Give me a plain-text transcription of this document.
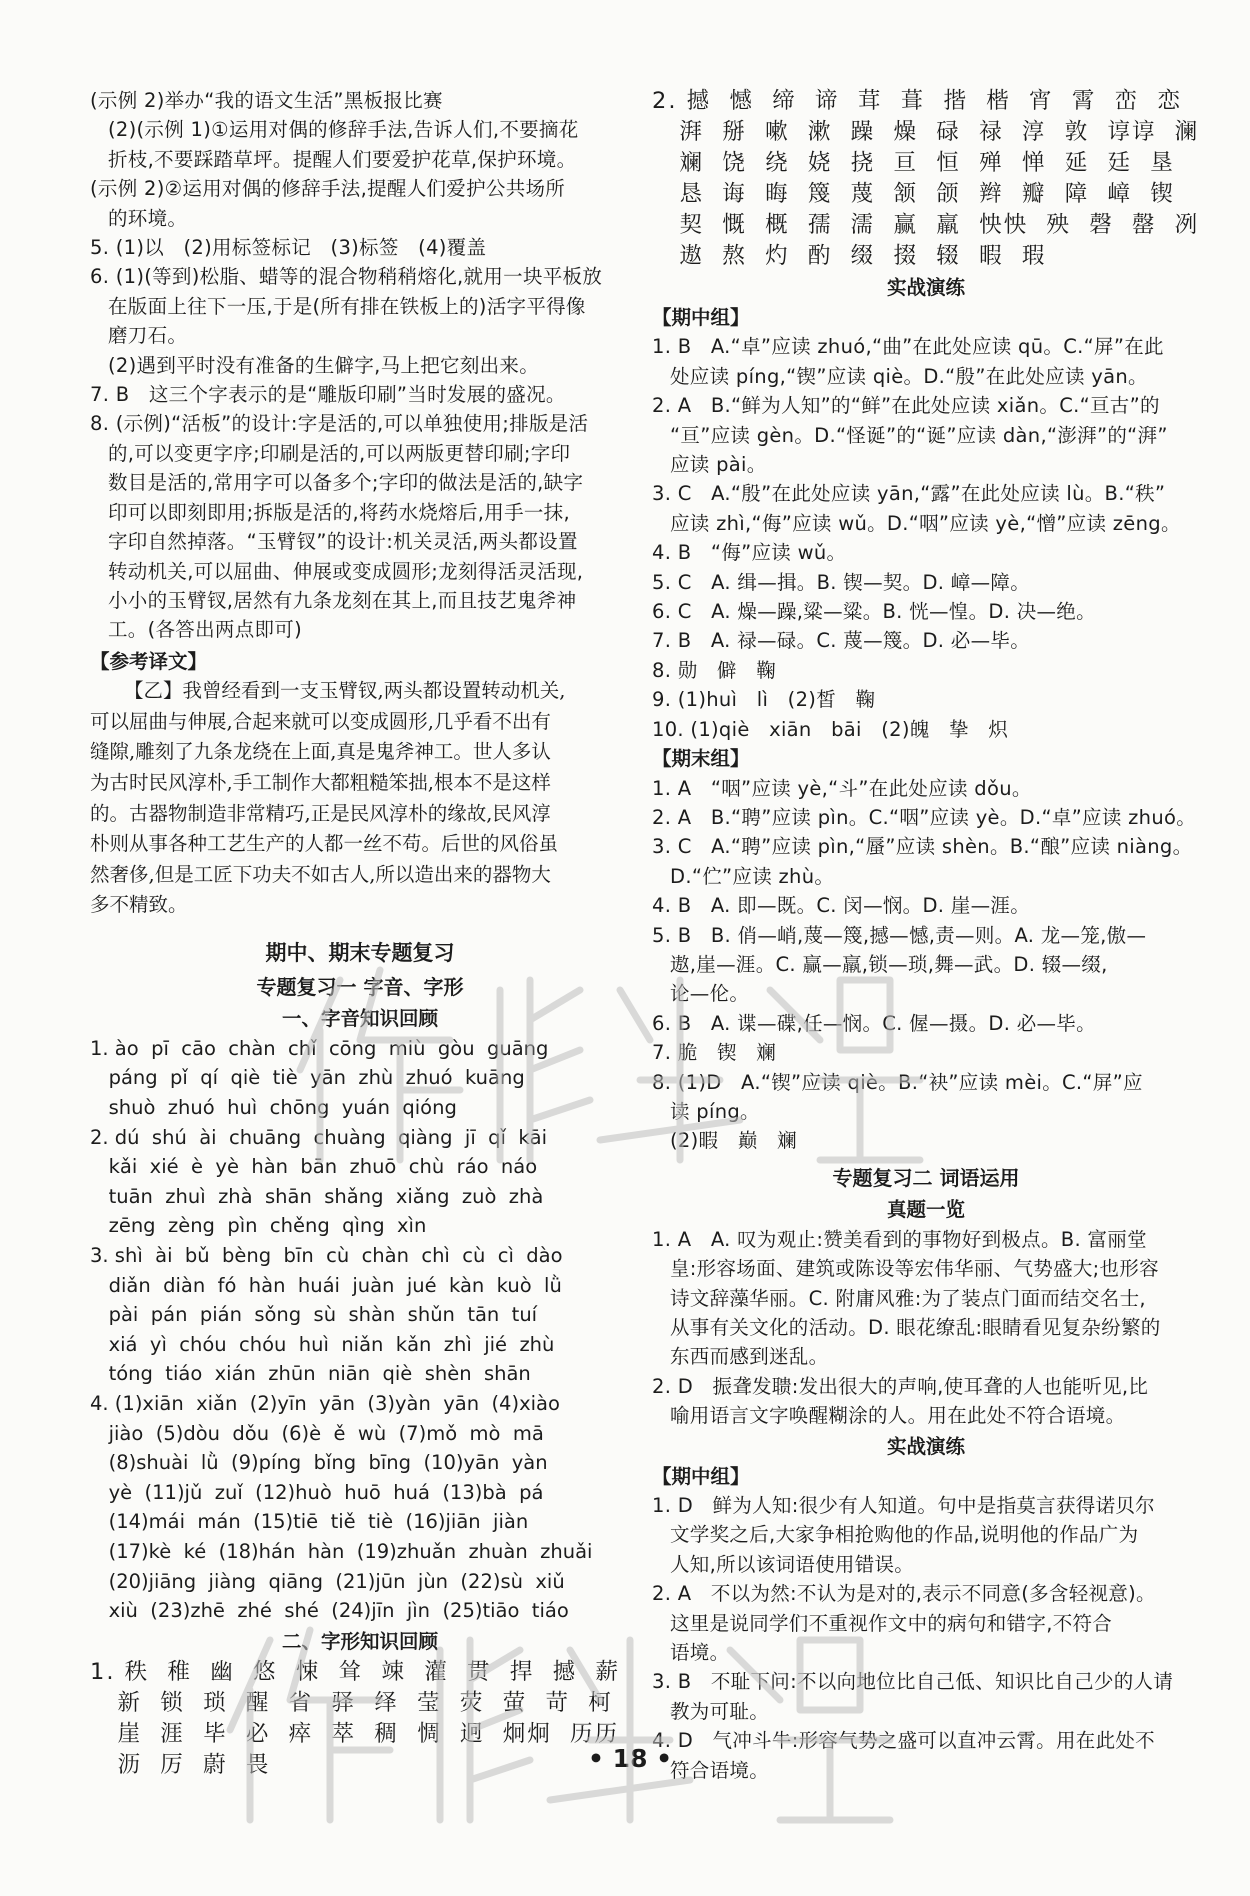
(示例 2)举办“我的语文生活”黑板报比赛
(2)(示例 1)①运用对偶的修辞手法,告诉人们,不要摘花
折枝,不要踩踏草坪。提醒人们要爱护花草,保护环境。
(示例 2)②运用对偶的修辞手法,提醒人们爱护公共场所
的环境。
5. (1)以   (2)用标签标记   (3)标签   (4)覆盖
6. (1)(等到)松脂、蜡等的混合物稍稍熔化,就用一块平板放
在版面上往下一压,于是(所有排在铁板上的)活字平得像
磨刀石。
(2)遇到平时没有准备的生僻字,马上把它刻出来。
7. B   这三个字表示的是“雕版印刷”当时发展的盛况。
8. (示例)“活板”的设计:字是活的,可以单独使用;排版是活
的,可以变更字序;印刷是活的,可以两版更替印刷;字印
数目是活的,常用字可以备多个;字印的做法是活的,缺字
印可以即刻即用;拆版是活的,将药水烧熔后,用手一抹,
字印自然掉落。“玉臂钗”的设计:机关灵活,两头都设置
转动机关,可以屈曲、伸展或变成圆形;龙刻得活灵活现,
小小的玉臂钗,居然有九条龙刻在其上,而且技艺鬼斧神
工。(各答出两点即可)
【参考译文】
【乙】我曾经看到一支玉臂钗,两头都设置转动机关,
可以屈曲与伸展,合起来就可以变成圆形,几乎看不出有
缝隙,雕刻了九条龙绕在上面,真是鬼斧神工。世人多认
为古时民风淳朴,手工制作大都粗糙笨拙,根本不是这样
的。古器物制造非常精巧,正是民风淳朴的缘故,民风淳
朴则从事各种工艺生产的人都一丝不苟。后世的风俗虽
然奢侈,但是工匠下功夫不如古人,所以造出来的器物大
多不精致。
期中、期末专题复习
专题复习一 字音、字形
一、字音知识回顾
1. ào  pī  cāo  chàn  chǐ  cōng  miù  gòu  guāng
páng  pǐ  qí  qiè  tiè  yān  zhù  zhuó  kuāng
shuò  zhuó  huì  chōng  yuán  qióng
2. dú  shú  ài  chuāng  chuàng  qiàng  jī  qǐ  kāi
kǎi  xié  è  yè  hàn  bān  zhuō  chù  ráo  náo
tuān  zhuì  zhà  shān  shǎng  xiǎng  zuò  zhà
zēng  zèng  pìn  chěng  qìng  xìn
3. shì  ài  bǔ  bèng  bīn  cù  chàn  chì  cù  cì  dào
diǎn  diàn  fó  hàn  huái  juàn  jué  kàn  kuò  lǜ
pài  pán  pián  sǒng  sù  shàn  shǔn  tān  tuí
xiá  yì  chóu  chóu  huì  niǎn  kǎn  zhì  jié  zhù
tóng  tiáo  xián  zhūn  niān  qiè  shèn  shān
4. (1)xiān  xiǎn  (2)yīn  yān  (3)yàn  yān  (4)xiào
jiào  (5)dòu  dǒu  (6)è  ě  wù  (7)mǒ  mò  mā
(8)shuài  lǜ  (9)píng  bǐng  bīng  (10)yān  yàn
yè  (11)jǔ  zuǐ  (12)huò  huō  huá  (13)bà  pá
(14)mái  mán  (15)tiē  tiě  tiè  (16)jiān  jiàn
(17)kè  ké  (18)hán  hàn  (19)zhuǎn  zhuàn  zhuǎi
(20)jiāng  jiàng  qiāng  (21)jūn  jùn  (22)sù  xiǔ
xiù  (23)zhē  zhé  shé  (24)jīn  jìn  (25)tiāo  tiáo
二、字形知识回顾
1. 秩  稚  幽  悠  悚  耸  竦  灌  贯  捍  撼  薪
新  锁  琐  醒  省  驿  绎  莹  荧  萤  苛  柯
崖  涯  毕  必  瘁  萃  稠  惆  迥  炯炯  历历
沥  厉  蔚  畏
2. 撼  憾  缔  谛  茸  葺  揩  楷  宵  霄  峦  恋
湃  掰  嗽  漱  躁  燥  碌  禄  淳  敦  谆谆  澜
斓  饶  绕  娆  挠  亘  恒  殚  惮  延  廷  垦
恳  诲  晦  篾  蔑  颔  颌  辫  瓣  障  嶂  锲
契  慨  概  孺  濡  赢  羸  怏怏  殃  磬  罄  冽
遨  熬  灼  酌  缀  掇  辍  暇  瑕
实战演练
【期中组】
1. B   A.“卓”应读 zhuó,“曲”在此处应读 qū。C.“屏”在此
处应读 píng,“锲”应读 qiè。D.“殷”在此处应读 yān。
2. A   B.“鲜为人知”的“鲜”在此处应读 xiǎn。C.“亘古”的
“亘”应读 gèn。D.“怪诞”的“诞”应读 dàn,“澎湃”的“湃”
应读 pài。
3. C   A.“殷”在此处应读 yān,“露”在此处应读 lù。B.“秩”
应读 zhì,“侮”应读 wǔ。D.“咽”应读 yè,“憎”应读 zēng。
4. B   “侮”应读 wǔ。
5. C   A. 缉—揖。B. 锲—契。D. 嶂—障。
6. C   A. 燥—躁,粱—粱。B. 恍—惶。D. 决—绝。
7. B   A. 禄—碌。C. 蔑—篾。D. 必—毕。
8. 勋   僻   鞠
9. (1)huì   lì   (2)皙   鞠
10. (1)qiè   xiān   bāi   (2)魄   挚   炽
【期末组】
1. A   “咽”应读 yè,“斗”在此处应读 dǒu。
2. A   B.“聘”应读 pìn。C.“咽”应读 yè。D.“卓”应读 zhuó。
3. C   A.“聘”应读 pìn,“蜃”应读 shèn。B.“酿”应读 niàng。
D.“伫”应读 zhù。
4. B   A. 即—既。C. 闵—悯。D. 崖—涯。
5. B   B. 俏—峭,蔑—篾,撼—憾,责—则。A. 龙—笼,傲—
遨,崖—涯。C. 赢—羸,锁—琐,舞—武。D. 辍—缀,
论—伦。
6. B   A. 谍—碟,任—悯。C. 偓—摄。D. 必—毕。
7. 脆   锲   斓
8. (1)D   A.“锲”应读 qiè。B.“袂”应读 mèi。C.“屏”应
读 píng。
(2)暇   巅   斓
专题复习二 词语运用
真题一览
1. A   A. 叹为观止:赞美看到的事物好到极点。B. 富丽堂
皇:形容场面、建筑或陈设等宏伟华丽、气势盛大;也形容
诗文辞藻华丽。C. 附庸风雅:为了装点门面而结交名士,
从事有关文化的活动。D. 眼花缭乱:眼睛看见复杂纷繁的
东西而感到迷乱。
2. D   振聋发聩:发出很大的声响,使耳聋的人也能听见,比
喻用语言文字唤醒糊涂的人。用在此处不符合语境。
实战演练
【期中组】
1. D   鲜为人知:很少有人知道。句中是指莫言获得诺贝尔
文学奖之后,大家争相抢购他的作品,说明他的作品广为
人知,所以该词语使用错误。
2. A   不以为然:不认为是对的,表示不同意(多含轻视意)。
这里是说同学们不重视作文中的病句和错字,不符合
语境。
3. B   不耻下问:不以向地位比自己低、知识比自己少的人请
教为可耻。
4. D   气冲斗牛:形容气势之盛可以直冲云霄。用在此处不
符合语境。
• 18 •
